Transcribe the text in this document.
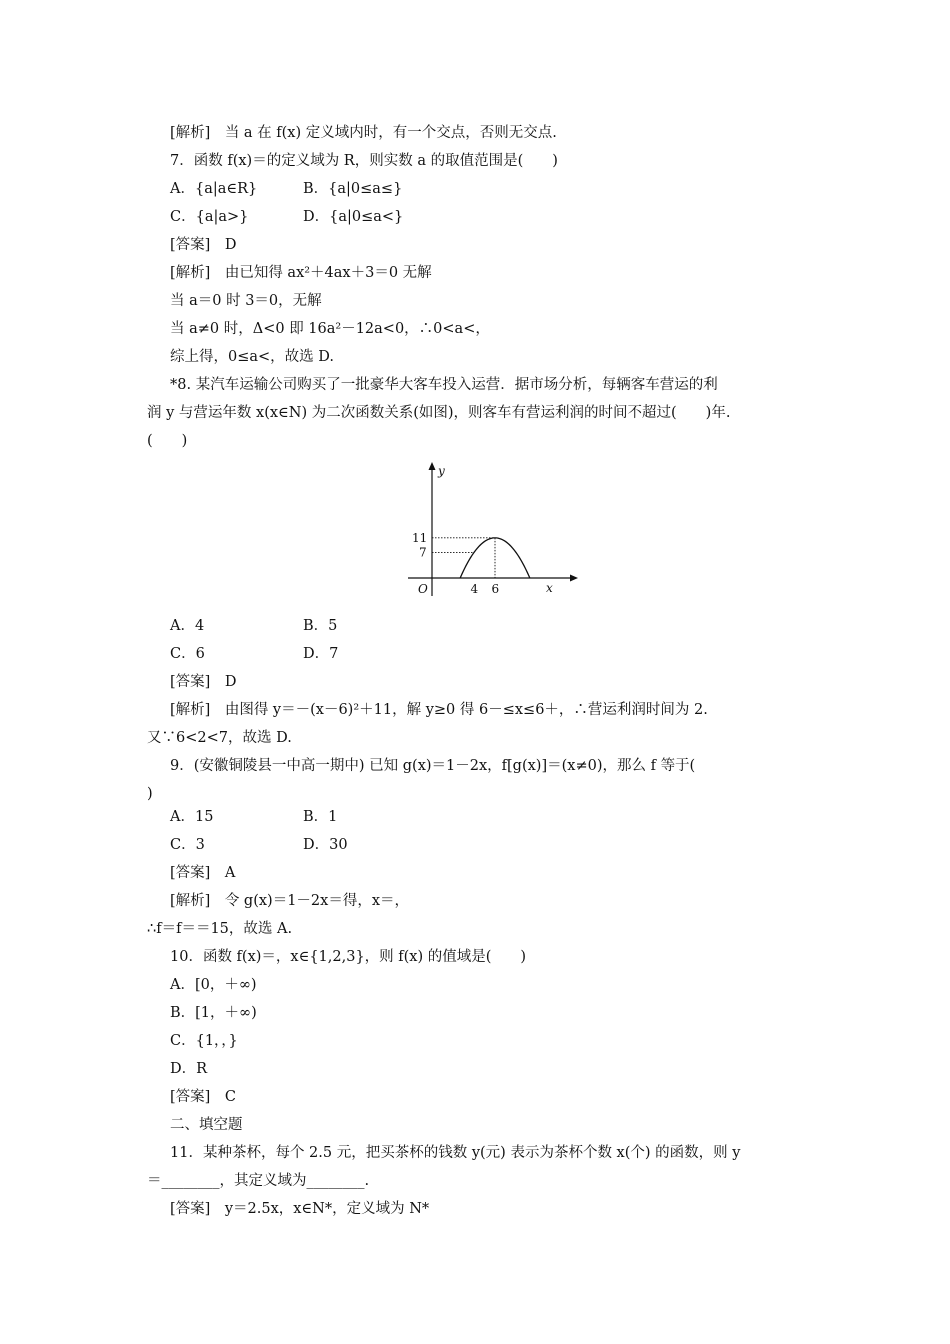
[解析]　当 a 在 f(x) 定义域内时，有一个交点，否则无交点.
7．函数 f(x)＝的定义域为 R，则实数 a 的取值范围是(　　)
A．{a|a∈R}	B．{a|0≤a≤}
C．{a|a>}	D．{a|0≤a<}
[答案]　D
[解析]　由已知得 ax²＋4ax＋3＝0 无解
当 a＝0 时 3＝0，无解
当 a≠0 时，Δ<0 即 16a²－12a<0，∴0<a<，
综上得，0≤a<，故选 D.
*8. 某汽车运输公司购买了一批豪华大客车投入运营．据市场分析，每辆客车营运的利
润 y 与营运年数 x(x∈N) 为二次函数关系(如图)，则客车有营运利润的时间不超过(　　)年.
(　　)
y
x
O	4 6
7
11
A．4	B．5
C．6	D．7
[答案]　D
[解析]　由图得 y＝－(x－6)²＋11，解 y≥0 得 6－≤x≤6＋，∴营运利润时间为 2.
又∵6<2<7，故选 D.
9．(安徽铜陵县一中高一期中) 已知 g(x)＝1－2x，f[g(x)]＝(x≠0)，那么 f 等于(
)
A．15	B．1
C．3	D．30
[答案]　A
[解析]　令 g(x)＝1－2x＝得，x＝，
∴f＝f＝＝15，故选 A.
10．函数 f(x)＝，x∈{1,2,3}，则 f(x) 的值域是(　　)
A．[0，＋∞)
B．[1，＋∞)
C．{1，，}
D．R
[答案]　C
二、填空题
11．某种茶杯，每个 2.5 元，把买茶杯的钱数 y(元) 表示为茶杯个数 x(个) 的函数，则 y
＝________，其定义域为________.
[答案]　y＝2.5x，x∈N*，定义域为 N*
